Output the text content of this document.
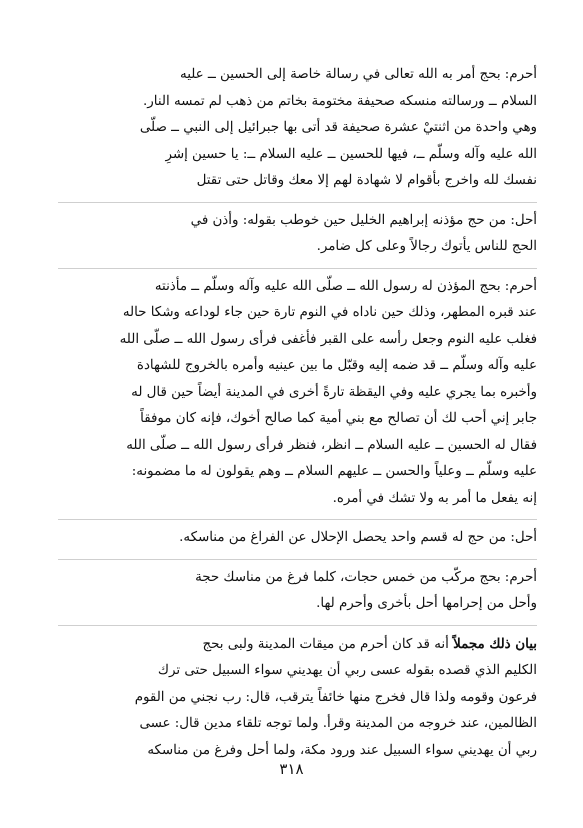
أحرم: بحج أمر به الله تعالى في رسالة خاصة إلى الحسين ــ عليه
السلام ــ ورسالته منسكه صحيفة مختومة بخاتم من ذهب لم تمسه النار.
وهي واحدة من اثنتيْ عشرة صحيفة قد أتى بها جبرائيل إلى النبي ــ صلّى
الله عليه وآله وسلّم ــ، فيها للحسين ــ عليه السلام ــ: يا حسين إشرِ
نفسك لله واخرج بأقوام لا شهادة لهم إلا معك وقاتل حتى تقتل
أحل: من حج مؤذنه إبراهيم الخليل حين خوطب بقوله: وأذن في
الحج للناس يأتوك رجالاً وعلى كل ضامر.
أحرم: بحج المؤذن له رسول الله ــ صلّى الله عليه وآله وسلّم ــ مأذنته
عند قبره المطهر، وذلك حين ناداه في النوم تارة حين جاء لوداعه وشكا حاله
فغلب عليه النوم وجعل رأسه على القبر فأغفى فرأى رسول الله ــ صلّى الله
عليه وآله وسلّم ــ قد ضمه إليه وقبّل ما بين عينيه وأمره بالخروج للشهادة
وأخبره بما يجري عليه وفي اليقظة تارةً أخرى في المدينة أيضاً حين قال له
جابر إني أحب لك أن تصالح مع بني أمية كما صالح أخوك، فإنه كان موفقاً
فقال له الحسين ــ عليه السلام ــ انظر، فنظر فرأى رسول الله ــ صلّى الله
عليه وسلّم ــ وعلياً والحسن ــ عليهم السلام ــ وهم يقولون له ما مضمونه:
إنه يفعل ما أمر به ولا تشك في أمره.
أحل: من حج له قسم واحد يحصل الإحلال عن الفراغ من مناسكه.
أحرم: بحج مركّب من خمس حجات، كلما فرغ من مناسك حجة
وأحل من إحرامها أحل بأخرى وأحرم لها.
بيان ذلك مجملاً أنه قد كان أحرم من ميقات المدينة ولبى بحج
الكليم الذي قصده بقوله عسى ربي أن يهديني سواء السبيل حتى ترك
فرعون وقومه ولذا قال فخرج منها خائفاً يترقب، قال: رب نجني من القوم
الظالمين، عند خروجه من المدينة وقرأ. ولما توجه تلقاء مدين قال: عسى
ربي أن يهديني سواء السبيل عند ورود مكة، ولما أحل وفرغ من مناسكه
٣١٨
